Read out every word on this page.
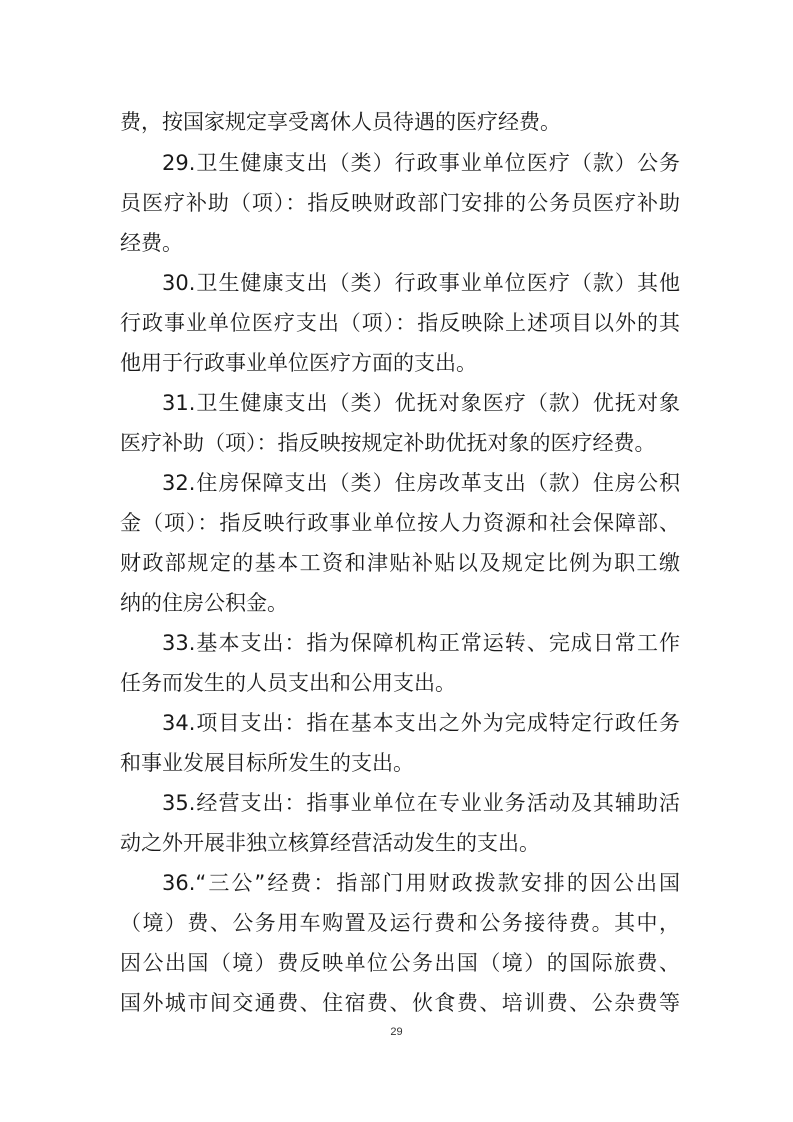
费，按国家规定享受离休人员待遇的医疗经费。
29.卫生健康支出（类）行政事业单位医疗（款）公务
员医疗补助（项）：指反映财政部门安排的公务员医疗补助
经费。
30.卫生健康支出（类）行政事业单位医疗（款）其他
行政事业单位医疗支出（项）：指反映除上述项目以外的其
他用于行政事业单位医疗方面的支出。
31.卫生健康支出（类）优抚对象医疗（款）优抚对象
医疗补助（项）：指反映按规定补助优抚对象的医疗经费。
32.住房保障支出（类）住房改革支出（款）住房公积
金（项）：指反映行政事业单位按人力资源和社会保障部、
财政部规定的基本工资和津贴补贴以及规定比例为职工缴
纳的住房公积金。
33.基本支出：指为保障机构正常运转、完成日常工作
任务而发生的人员支出和公用支出。
34.项目支出：指在基本支出之外为完成特定行政任务
和事业发展目标所发生的支出。
35.经营支出：指事业单位在专业业务活动及其辅助活
动之外开展非独立核算经营活动发生的支出。
36.“三公”经费：指部门用财政拨款安排的因公出国
（境）费、公务用车购置及运行费和公务接待费。其中，
因公出国（境）费反映单位公务出国（境）的国际旅费、
国外城市间交通费、住宿费、伙食费、培训费、公杂费等
29
